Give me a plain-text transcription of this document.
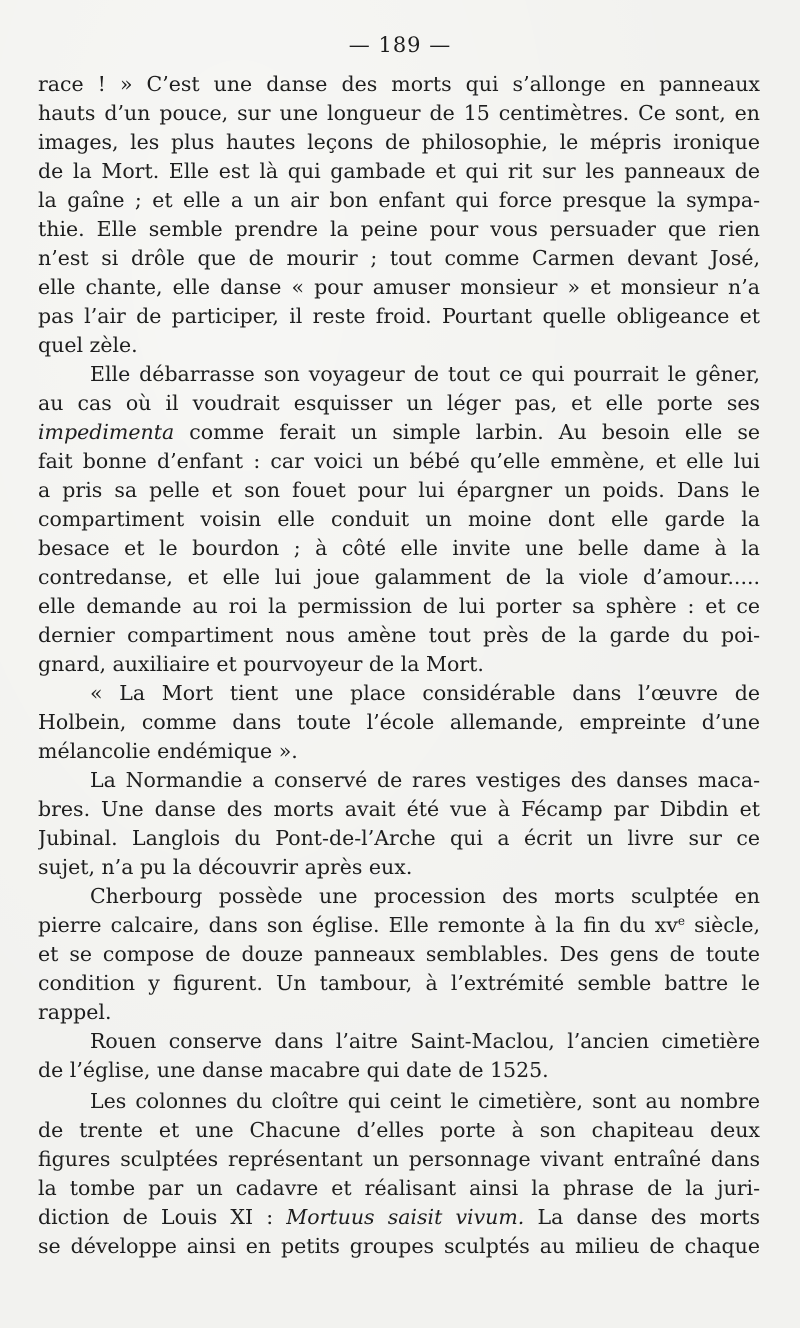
— 189 —
race ! » C’est une danse des morts qui s’allonge en panneaux
hauts d’un pouce, sur une longueur de 15 centimètres. Ce sont, en
images, les plus hautes leçons de philosophie, le mépris ironique
de la Mort. Elle est là qui gambade et qui rit sur les panneaux de
la gaîne ; et elle a un air bon enfant qui force presque la sympa-
thie. Elle semble prendre la peine pour vous persuader que rien
n’est si drôle que de mourir ; tout comme Carmen devant José,
elle chante, elle danse « pour amuser monsieur » et monsieur n’a
pas l’air de participer, il reste froid. Pourtant quelle obligeance et
quel zèle.
Elle débarrasse son voyageur de tout ce qui pourrait le gêner,
au cas où il voudrait esquisser un léger pas, et elle porte ses
impedimenta comme ferait un simple larbin. Au besoin elle se
fait bonne d’enfant : car voici un bébé qu’elle emmène, et elle lui
a pris sa pelle et son fouet pour lui épargner un poids. Dans le
compartiment voisin elle conduit un moine dont elle garde la
besace et le bourdon ; à côté elle invite une belle dame à la
contredanse, et elle lui joue galamment de la viole d’amour.....
elle demande au roi la permission de lui porter sa sphère : et ce
dernier compartiment nous amène tout près de la garde du poi-
gnard, auxiliaire et pourvoyeur de la Mort.
« La Mort tient une place considérable dans l’œuvre de
Holbein, comme dans toute l’école allemande, empreinte d’une
mélancolie endémique ».
La Normandie a conservé de rares vestiges des danses maca-
bres. Une danse des morts avait été vue à Fécamp par Dibdin et
Jubinal. Langlois du Pont-de-l’Arche qui a écrit un livre sur ce
sujet, n’a pu la découvrir après eux.
Cherbourg possède une procession des morts sculptée en
pierre calcaire, dans son église. Elle remonte à la fin du $xv^e$ siècle,
et se compose de douze panneaux semblables. Des gens de toute
condition y figurent. Un tambour, à l’extrémité semble battre le
rappel.
Rouen conserve dans l’aitre Saint-Maclou, l’ancien cimetière
de l’église, une danse macabre qui date de 1525.
Les colonnes du cloître qui ceint le cimetière, sont au nombre
de trente et une Chacune d’elles porte à son chapiteau deux
figures sculptées représentant un personnage vivant entraîné dans
la tombe par un cadavre et réalisant ainsi la phrase de la juri-
diction de Louis XI : Mortuus saisit vivum. La danse des morts
se développe ainsi en petits groupes sculptés au milieu de chaque
